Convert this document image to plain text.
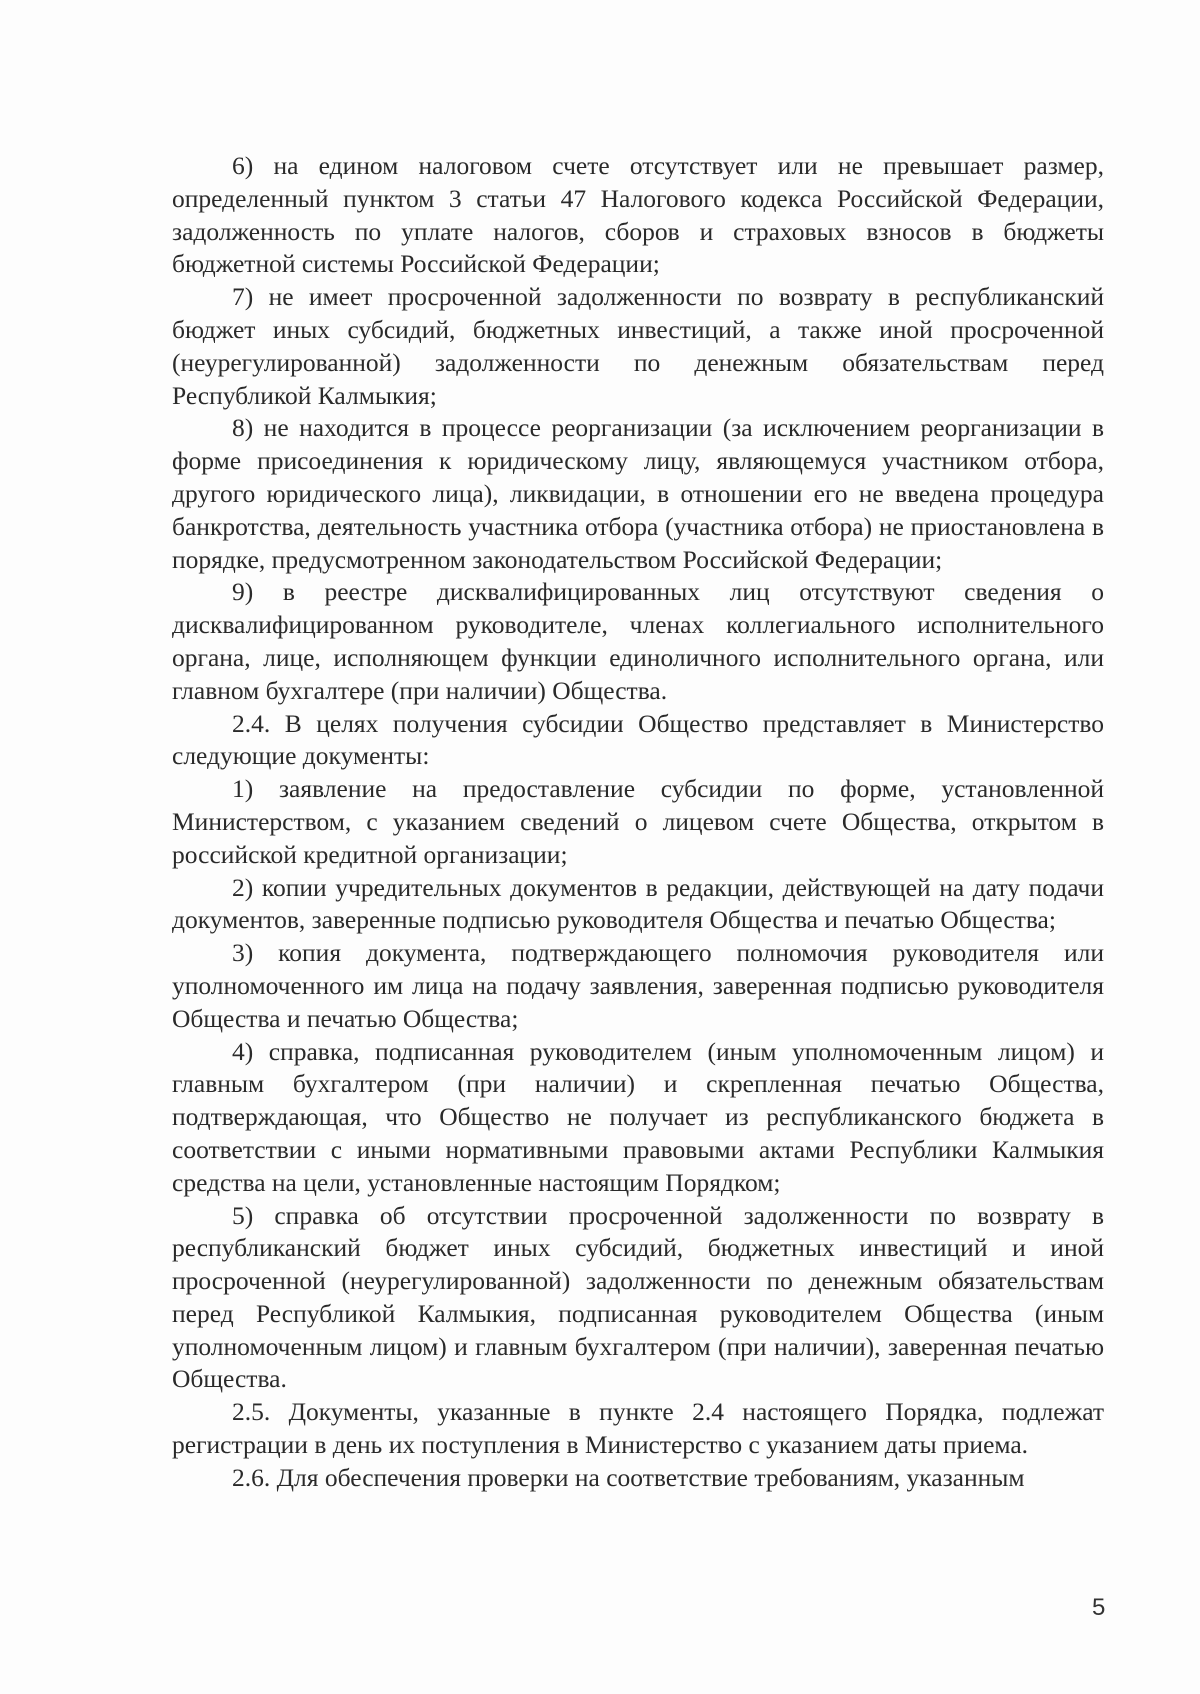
6) на едином налоговом счете отсутствует или не превышает размер, определенный пунктом 3 статьи 47 Налогового кодекса Российской Федерации, задолженность по уплате налогов, сборов и страховых взносов в бюджеты бюджетной системы Российской Федерации;

7) не имеет просроченной задолженности по возврату в республиканский бюджет иных субсидий, бюджетных инвестиций, а также иной просроченной (неурегулированной) задолженности по денежным обязательствам перед Республикой Калмыкия;

8) не находится в процессе реорганизации (за исключением реорганизации в форме присоединения к юридическому лицу, являющемуся участником отбора, другого юридического лица), ликвидации, в отношении его не введена процедура банкротства, деятельность участника отбора (участника отбора) не приостановлена в порядке, предусмотренном законодательством Российской Федерации;

9) в реестре дисквалифицированных лиц отсутствуют сведения о дисквалифицированном руководителе, членах коллегиального исполнительного органа, лице, исполняющем функции единоличного исполнительного органа, или главном бухгалтере (при наличии) Общества.

2.4. В целях получения субсидии Общество представляет в Министерство следующие документы:

1) заявление на предоставление субсидии по форме, установленной Министерством, с указанием сведений о лицевом счете Общества, открытом в российской кредитной организации;

2) копии учредительных документов в редакции, действующей на дату подачи документов, заверенные подписью руководителя Общества и печатью Общества;

3) копия документа, подтверждающего полномочия руководителя или уполномоченного им лица на подачу заявления, заверенная подписью руководителя Общества и печатью Общества;

4) справка, подписанная руководителем (иным уполномоченным лицом) и главным бухгалтером (при наличии) и скрепленная печатью Общества, подтверждающая, что Общество не получает из республиканского бюджета в соответствии с иными нормативными правовыми актами Республики Калмыкия средства на цели, установленные настоящим Порядком;

5) справка об отсутствии просроченной задолженности по возврату в республиканский бюджет иных субсидий, бюджетных инвестиций и иной просроченной (неурегулированной) задолженности по денежным обязательствам перед Республикой Калмыкия, подписанная руководителем Общества (иным уполномоченным лицом) и главным бухгалтером (при наличии), заверенная печатью Общества.

2.5. Документы, указанные в пункте 2.4 настоящего Порядка, подлежат регистрации в день их поступления в Министерство с указанием даты приема.

2.6. Для обеспечения проверки на соответствие требованиям, указанным

5
